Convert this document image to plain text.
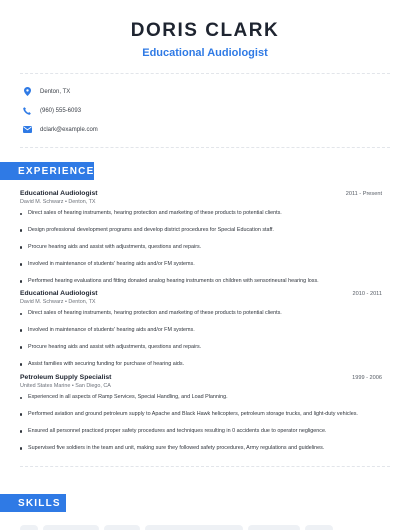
DORIS CLARK
Educational Audiologist
Denton, TX
(960) 555-6093
dclark@example.com
EXPERIENCE
Educational Audiologist	2011 - Present
David M. Schwarz • Denton, TX
Direct sales of hearing instruments, hearing protection and marketing of these products to potential clients.
Design professional development programs and develop district procedures for Special Education staff.
Procure hearing aids and assist with adjustments, questions and repairs.
Involved in maintenance of students' hearing aids and/or FM systems.
Performed hearing evaluations and fitting donated analog hearing instruments on children with sensorineural hearing loss.
Educational Audiologist	2010 - 2011
David M. Schwarz • Denton, TX
Direct sales of hearing instruments, hearing protection and marketing of these products to potential clients.
Involved in maintenance of students' hearing aids and/or FM systems.
Procure hearing aids and assist with adjustments, questions and repairs.
Assist families with securing funding for purchase of hearing aids.
Petroleum Supply Specialist	1999 - 2006
United States Marine • San Diego, CA
Experienced in all aspects of Ramp Services, Special Handling, and Load Planning.
Performed aviation and ground petroleum supply to Apache and Black Hawk helicopters, petroleum storage trucks, and light-duty vehicles.
Ensured all personnel practiced proper safety procedures and techniques resulting in 0 accidents due to operator negligence.
Supervised five soldiers in the team and unit, making sure they followed safety procedures, Army regulations and guidelines.
SKILLS
